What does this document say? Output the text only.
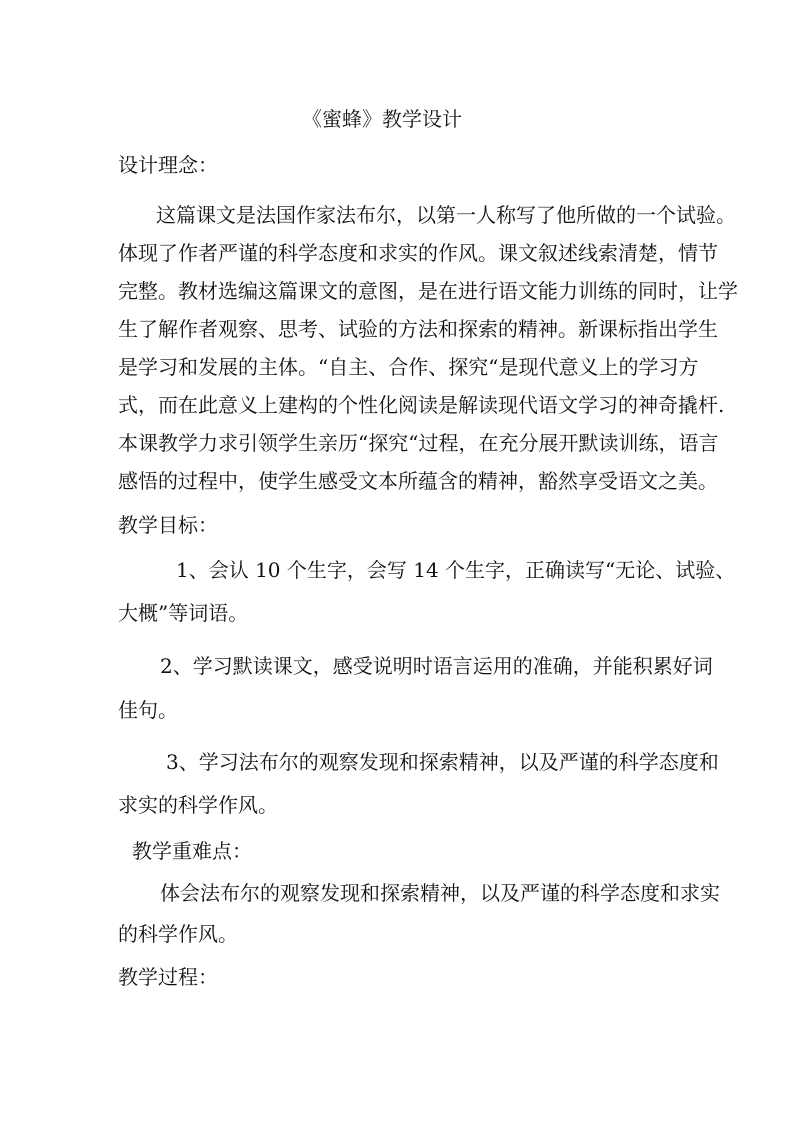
《蜜蜂》教学设计
设计理念：
这篇课文是法国作家法布尔，以第一人称写了他所做的一个试验。
体现了作者严谨的科学态度和求实的作风。课文叙述线索清楚，情节
完整。教材选编这篇课文的意图，是在进行语文能力训练的同时，让学
生了解作者观察、思考、试验的方法和探索的精神。新课标指出学生
是学习和发展的主体。“自主、合作、探究“是现代意义上的学习方
式，而在此意义上建构的个性化阅读是解读现代语文学习的神奇撬杆.
本课教学力求引领学生亲历“探究“过程，在充分展开默读训练，语言
感悟的过程中，使学生感受文本所蕴含的精神，豁然享受语文之美。
教学目标：
1、会认 10 个生字，会写 14 个生字，正确读写“无论、试验、
大概”等词语。
2、学习默读课文，感受说明时语言运用的准确，并能积累好词
佳句。
3、学习法布尔的观察发现和探索精神，以及严谨的科学态度和
求实的科学作风。
教学重难点：
体会法布尔的观察发现和探索精神，以及严谨的科学态度和求实
的科学作风。
教学过程：
